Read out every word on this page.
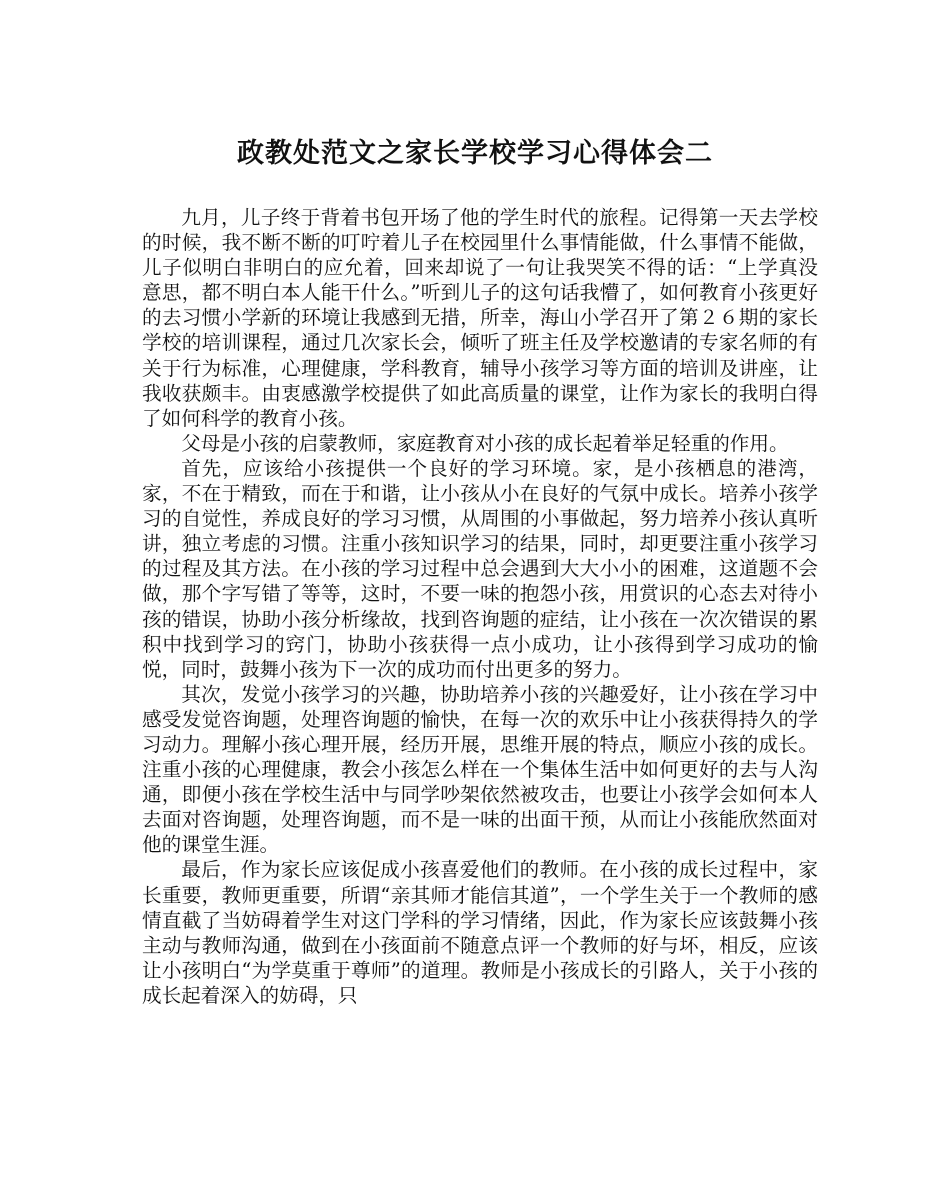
政教处范文之家长学校学习心得体会二

九月，儿子终于背着书包开场了他的学生时代的旅程。记得第一天去学校的时候，我不断不断的叮咛着儿子在校园里什么事情能做，什么事情不能做，儿子似明白非明白的应允着，回来却说了一句让我哭笑不得的话：“上学真没意思，都不明白本人能干什么。”听到儿子的这句话我懵了，如何教育小孩更好的去习惯小学新的环境让我感到无措，所幸，海山小学召开了第２６期的家长学校的培训课程，通过几次家长会，倾听了班主任及学校邀请的专家名师的有关于行为标准，心理健康，学科教育，辅导小孩学习等方面的培训及讲座，让我收获颇丰。由衷感激学校提供了如此高质量的课堂，让作为家长的我明白得了如何科学的教育小孩。

父母是小孩的启蒙教师，家庭教育对小孩的成长起着举足轻重的作用。

首先，应该给小孩提供一个良好的学习环境。家，是小孩栖息的港湾，家，不在于精致，而在于和谐，让小孩从小在良好的气氛中成长。培养小孩学习的自觉性，养成良好的学习习惯，从周围的小事做起，努力培养小孩认真听讲，独立考虑的习惯。注重小孩知识学习的结果，同时，却更要注重小孩学习的过程及其方法。在小孩的学习过程中总会遇到大大小小的困难，这道题不会做，那个字写错了等等，这时，不要一味的抱怨小孩，用赏识的心态去对待小孩的错误，协助小孩分析缘故，找到咨询题的症结，让小孩在一次次错误的累积中找到学习的窍门，协助小孩获得一点小成功，让小孩得到学习成功的愉悦，同时，鼓舞小孩为下一次的成功而付出更多的努力。

其次，发觉小孩学习的兴趣，协助培养小孩的兴趣爱好，让小孩在学习中感受发觉咨询题，处理咨询题的愉快，在每一次的欢乐中让小孩获得持久的学习动力。理解小孩心理开展，经历开展，思维开展的特点，顺应小孩的成长。注重小孩的心理健康，教会小孩怎么样在一个集体生活中如何更好的去与人沟通，即便小孩在学校生活中与同学吵架依然被攻击，也要让小孩学会如何本人去面对咨询题，处理咨询题，而不是一味的出面干预，从而让小孩能欣然面对他的课堂生涯。

最后，作为家长应该促成小孩喜爱他们的教师。在小孩的成长过程中，家长重要，教师更重要，所谓“亲其师才能信其道”，一个学生关于一个教师的感情直截了当妨碍着学生对这门学科的学习情绪，因此，作为家长应该鼓舞小孩主动与教师沟通，做到在小孩面前不随意点评一个教师的好与坏，相反，应该让小孩明白“为学莫重于尊师”的道理。教师是小孩成长的引路人，关于小孩的成长起着深入的妨碍，只
